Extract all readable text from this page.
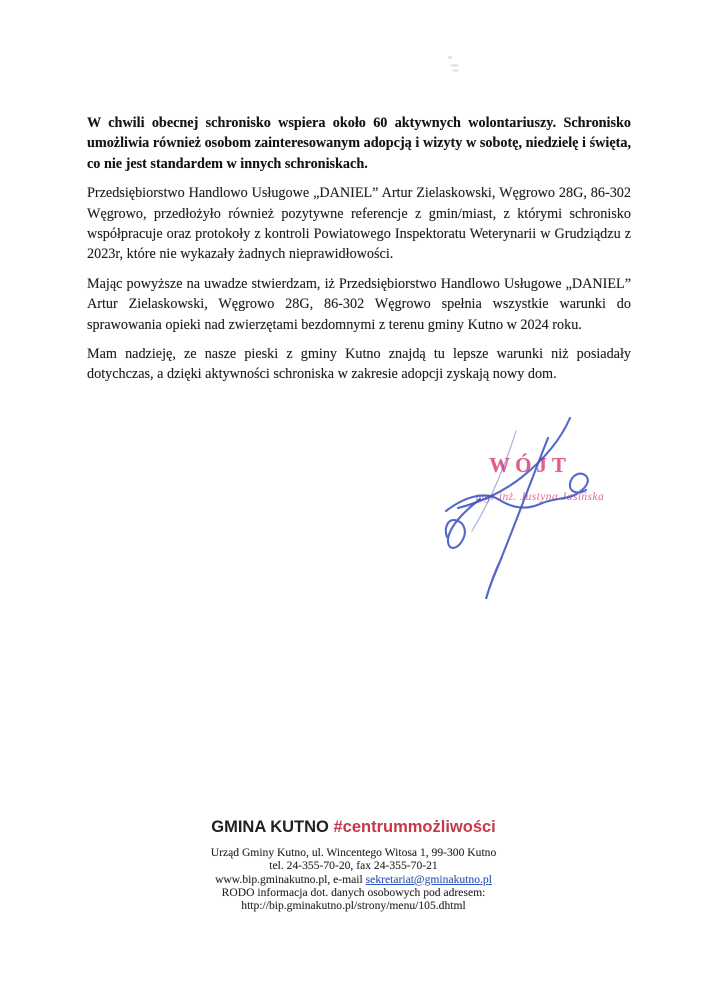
W chwili obecnej schronisko wspiera około 60 aktywnych wolontariuszy. Schronisko umożliwia również osobom zainteresowanym adopcją i wizyty w sobotę, niedzielę i święta, co nie jest standardem w innych schroniskach.

Przedsiębiorstwo Handlowo Usługowe „DANIEL” Artur Zielaskowski, Węgrowo 28G, 86-302 Węgrowo, przedłożyło również pozytywne referencje z gmin/miast, z którymi schronisko współpracuje oraz protokoły z kontroli Powiatowego Inspektoratu Weterynarii w Grudziądzu z 2023r, które nie wykazały żadnych nieprawidłowości.

Mając powyższe na uwadze stwierdzam, iż Przedsiębiorstwo Handlowo Usługowe „DANIEL” Artur Zielaskowski, Węgrowo 28G, 86-302 Węgrowo spełnia wszystkie warunki do sprawowania opieki nad zwierzętami bezdomnymi z terenu gminy Kutno w 2024 roku.

Mam nadzieję, ze nasze pieski z gminy Kutno znajdą tu lepsze warunki niż posiadały dotychczas, a dzięki aktywności schroniska w zakresie adopcji zyskają nowy dom.

WÓJT
mgr inż. Justyna Jasińska
GMINA KUTNO #centrummożliwości
Urząd Gminy Kutno, ul. Wincentego Witosa 1, 99-300 Kutno
tel. 24-355-70-20, fax 24-355-70-21
www.bip.gminakutno.pl, e-mail sekretariat@gminakutno.pl
RODO informacja dot. danych osobowych pod adresem:
http://bip.gminakutno.pl/strony/menu/105.dhtml
